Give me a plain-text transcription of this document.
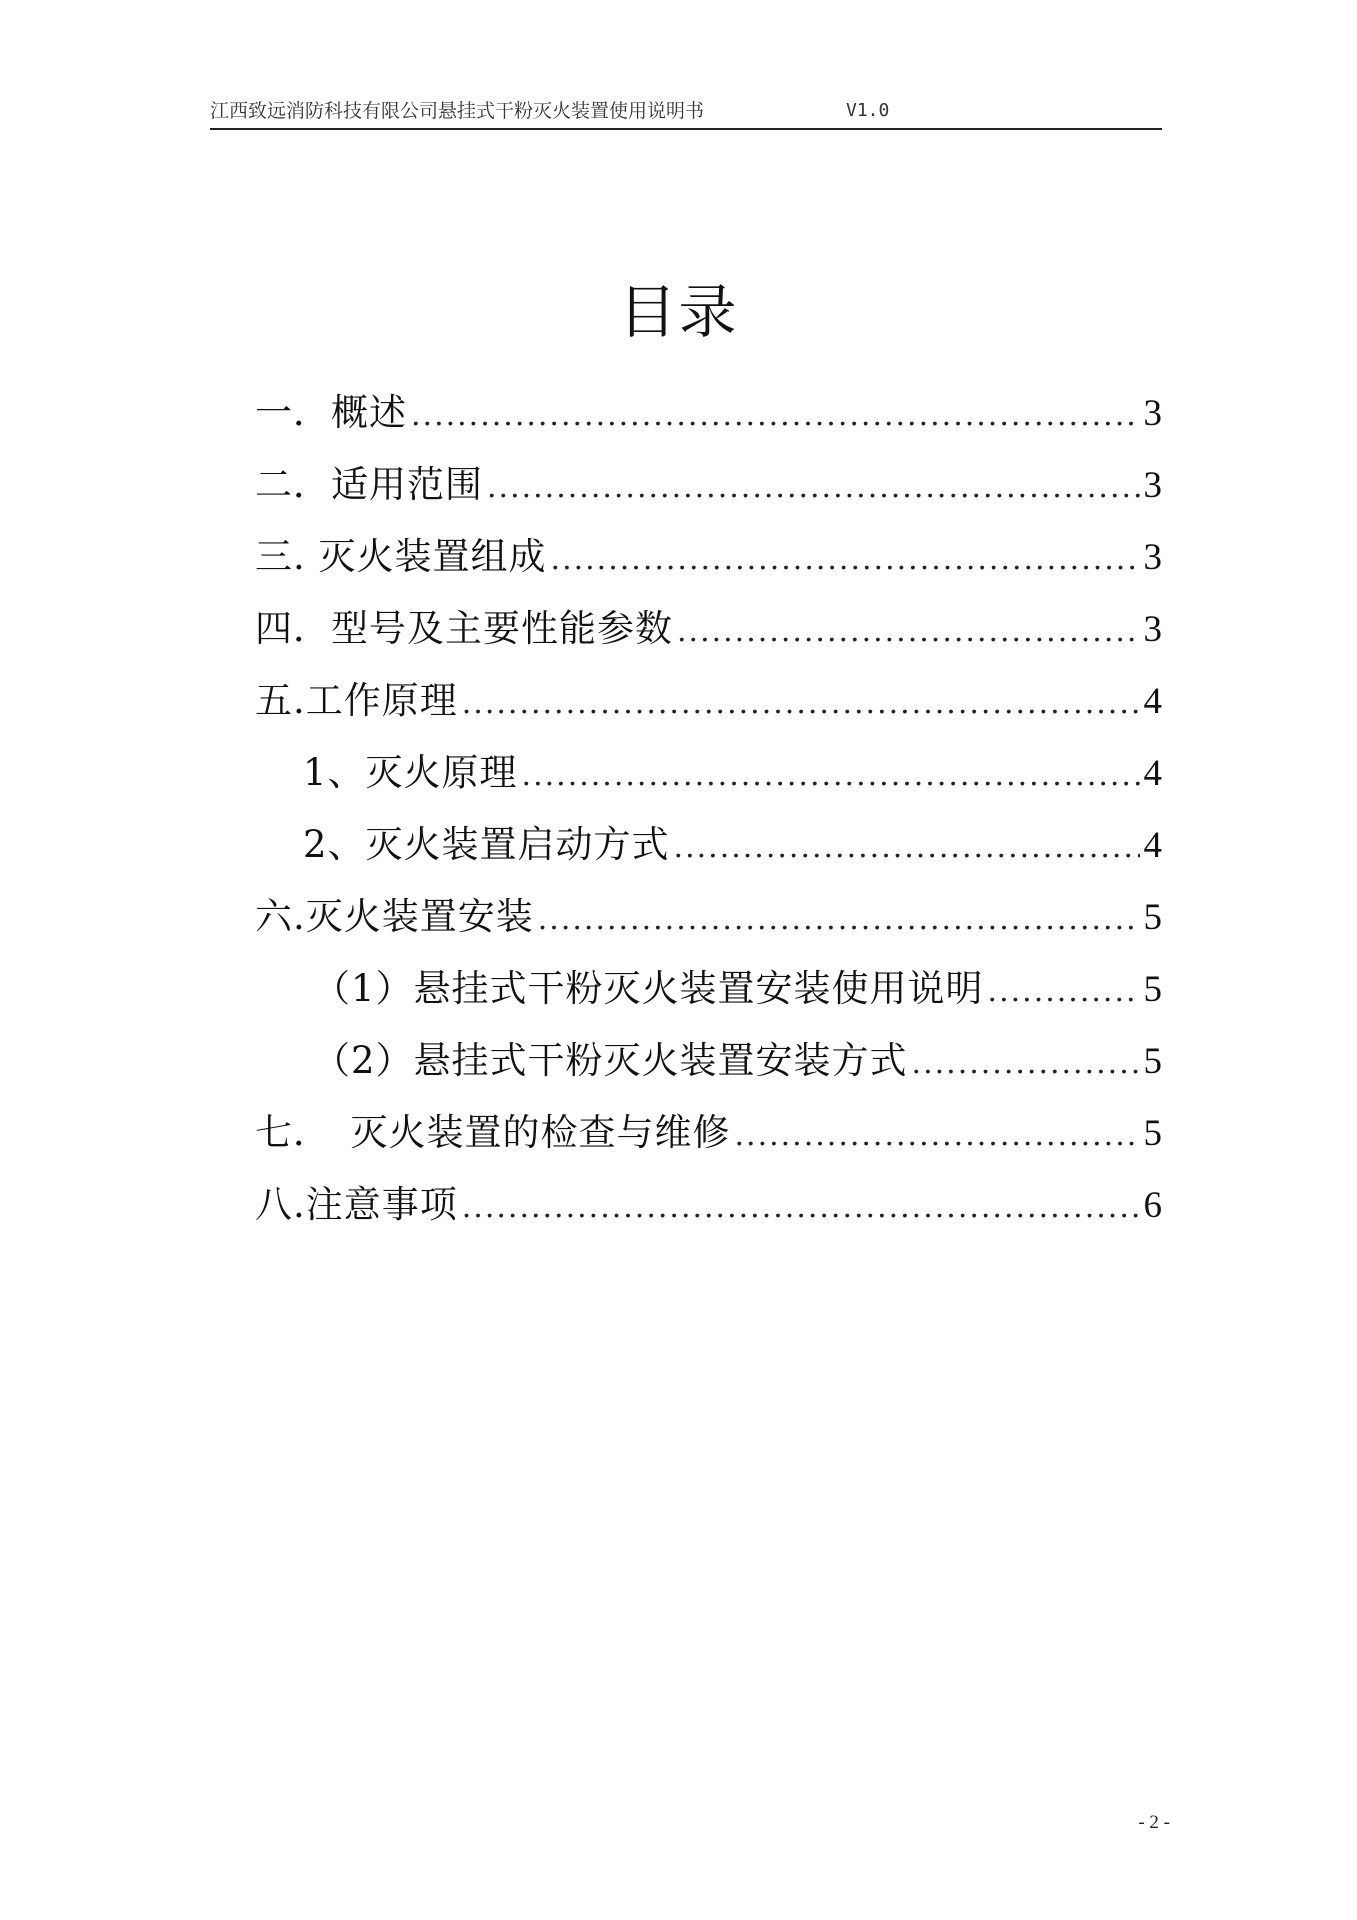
江西致远消防科技有限公司悬挂式干粉灭火装置使用说明书	V1.0
目录
一．概述 .....	3
二．适用范围 .....	3
三. 灭火装置组成 .....	3
四．型号及主要性能参数 .....	3
五.工作原理 .....	4
1、灭火原理 .....	4
2、灭火装置启动方式 .....	4
六.灭火装置安装 .....	5
（1）悬挂式干粉灭火装置安装使用说明 .....	5
（2）悬挂式干粉灭火装置安装方式 .....	5
七．　灭火装置的检查与维修 .....	5
八.注意事项 .....	6
- 2 -
